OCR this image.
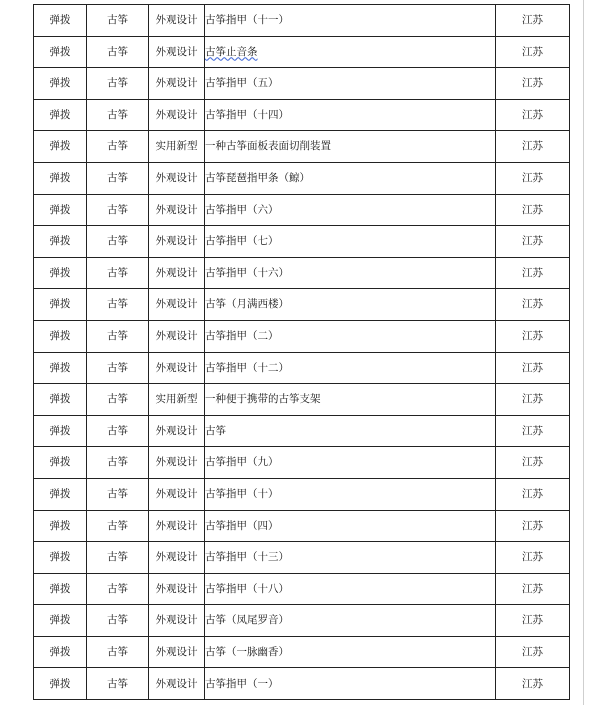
弹拨	古筝	外观设计	古筝指甲（十一）	江苏
弹拨	古筝	外观设计	古筝止音条	江苏
弹拨	古筝	外观设计	古筝指甲（五）	江苏
弹拨	古筝	外观设计	古筝指甲（十四）	江苏
弹拨	古筝	实用新型	一种古筝面板表面切削装置	江苏
弹拨	古筝	外观设计	古筝琵琶指甲条（鲸）	江苏
弹拨	古筝	外观设计	古筝指甲（六）	江苏
弹拨	古筝	外观设计	古筝指甲（七）	江苏
弹拨	古筝	外观设计	古筝指甲（十六）	江苏
弹拨	古筝	外观设计	古筝（月满西楼）	江苏
弹拨	古筝	外观设计	古筝指甲（二）	江苏
弹拨	古筝	外观设计	古筝指甲（十二）	江苏
弹拨	古筝	实用新型	一种便于携带的古筝支架	江苏
弹拨	古筝	外观设计	古筝	江苏
弹拨	古筝	外观设计	古筝指甲（九）	江苏
弹拨	古筝	外观设计	古筝指甲（十）	江苏
弹拨	古筝	外观设计	古筝指甲（四）	江苏
弹拨	古筝	外观设计	古筝指甲（十三）	江苏
弹拨	古筝	外观设计	古筝指甲（十八）	江苏
弹拨	古筝	外观设计	古筝（凤尾罗音）	江苏
弹拨	古筝	外观设计	古筝（一脉幽香）	江苏
弹拨	古筝	外观设计	古筝指甲（一）	江苏
